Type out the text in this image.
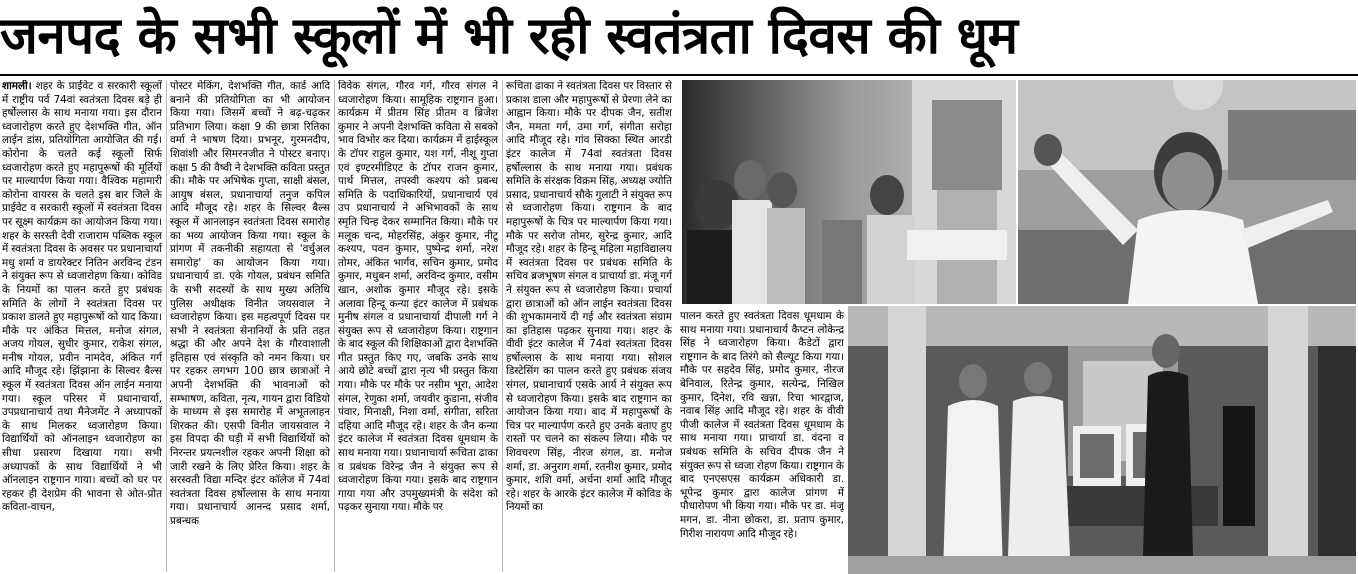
जनपद के सभी स्कूलों में भी रही स्वतंत्रता दिवस की धूम

शामली। शहर के प्राईवेट व सरकारी स्कूलों में राष्ट्रीय पर्व 74वां स्वतंत्रता दिवस बड़े ही हर्षोल्लास के साथ मनाया गया। इस दौरान ध्वजारोहण करते हुए देशभक्ति गीत, ऑन लाईन डांस, प्रतियोगिता आयोजित की गई। कोरोना के चलते कई स्कूलों सिर्फ ध्वजारोहण करते हुए महापुरूषों की मूर्तियों पर माल्यार्पण किया गया। वैश्विक महामारी कोरोना वायरस के चलते इस बार जिले के प्राईवेट व सरकारी स्कूलों में स्वतंत्रता दिवस पर सूक्ष्म कार्यक्रम का आयोजन किया गया। शहर के सरस्ती देवी राजाराम पब्लिक स्कूल में स्वतंत्रता दिवस के अवसर पर प्रधानाचार्या मधु शर्मा व डायरेक्टर नितिन अरविन्द टंडन ने संयुक्त रूप से ध्वजारोहण किया। कोविड के नियमों का पालन करते हुए प्रबंधक समिति के लोगों ने स्वतंत्रता दिवस पर प्रकाश डालते हुए महापुरूषों को याद किया। मौके पर अंकित मित्तल, मनोज संगल, अजय गोयल, सुधीर कुमार, राकेश संगल, मनीष गोयल, प्रवीन नामदेव, अंकित गर्ग आदि मौजूद रहे। झिंझाना के सिल्वर बैल्स स्कूल में स्वतंत्रता दिवस ऑन लाईन मनाया गया। स्कूल परिसर में प्रधानाचार्या, उपप्रधानाचार्य तथा मैनेजमेंट ने अध्यापकों के साथ मिलकर ध्वजारोहण किया। विद्यार्थियों को ऑनलाइन ध्वजारोहण का सीधा प्रसारण दिखाया गया। सभी अध्यापकों के साथ विद्यार्थियों ने भी ऑनलाइन राष्ट्रगान गाया। बच्चों को घर पर रहकर ही देशप्रेम की भावना से ओत-प्रोत कविता-वाचन,

पोस्टर मेकिंग, देशभक्ति गीत, कार्ड आदि बनाने की प्रतियोगिता का भी आयोजन किया गया। जिसमें बच्चों ने बढ़-चढ़कर प्रतिभाग लिया। कक्षा 9 की छात्रा रितिका वर्मा ने भाषण दिया। प्रभनूर, गुरमनदीप, शिवांशी और सिमरनजीत ने पोस्टर बनाए। कक्षा 5 की वैष्वी ने देशभक्ति कविता प्रस्तुत की। मौके पर अभिषेक गुप्ता, साक्षी बंसल, आयुष बंसल, प्रधानाचार्या तनुज कपिल आदि मौजूद रहे। शहर के सिल्वर बैल्स स्कूल में आनलाइन स्वतंत्रता दिवस समारोह का भव्य आयोजन किया गया। स्कूल के प्रांगण में तकनीकी सहायता से 'वर्चुअल समारोह' का आयोजन किया गया। प्रधानाचार्य डा. एके गोयल, प्रबंधन समिति के सभी सदस्यों के साथ मुख्य अतिथि पुलिस अधीक्षक विनीत जयसवाल ने ध्वजारोहण किया। इस महत्वपूर्ण दिवस पर सभी ने स्वतंत्रता सेनानियों के प्रति तहत श्रद्धा की और अपने देश के गौरवाशाली इतिहास एवं संस्कृति को नमन किया। घर पर रहकर लगभग 100 छात्र छात्राओं ने अपनी देशभक्ति की भावनाओं को सम्भाषण, कविता, नृत्य, गायन द्वारा विडियो के माध्यम से इस समारोह में अभूतलाहन शिरकत की। एसपी विनीत जायसवाल ने इस विपदा की घड़ी में सभी विद्यार्थियों को निरन्तर प्रयत्नशील रहकर अपनी शिक्षा को जारी रखने के लिए प्रेरित किया। शहर के सरस्वती विद्या मन्दिर इंटर कॉलेज में 74वां स्वतंत्रता दिवस हर्षोल्लास के साथ मनाया गया। प्रधानाचार्य आनन्द प्रसाद शर्मा, प्रबन्धक

विवेक संगल, गौरव गर्ग, गौरव संगल ने ध्वजारोहण किया। सामूहिक राष्ट्रगान हुआ। कार्यक्रम में प्रीतम सिंह प्रीतम व ब्रिजेश कुमार ने अपनी देशभक्ति कविता से सबको भाव विभोर कर दिया। कार्यक्रम में हाईस्कूल के टॉपर राहुल कुमार, यश गर्ग, नीशू गुप्ता एवं इण्टरमीडिएट के टॉपर राजन कुमार, पार्थ मित्तल, तपस्वी कश्यप को प्रबन्ध समिति के पदाधिकारियों, प्रधानाचार्य एवं उप प्रधानाचार्य ने अभिभावकों के साथ स्मृति चिन्ह देकर सम्मानित किया। मौके पर मलूक चन्द, मोहरसिंह, अंकुर कुमार, नीटू कश्यप, पवन कुमार, पुष्पेन्द्र शर्मा, नरेश तोमर, अंकित भार्गव, सचिन कुमार, प्रमोद कुमार, मधुबन शर्मा, अरविन्द कुमार, वसीम खान, अशोक कुमार मौजूद रहे। इसके अलावा हिन्दू कन्या इंटर कालेज में प्रबंधक मुनीष संगल व प्रधानाचार्या दीपाली गर्ग ने संयुक्त रूप से ध्वजारोहण किया। राष्ट्रगान के बाद स्कूल की शिक्षिकाओं द्वारा देशभक्ति गीत प्रस्तुत किए गए, जबकि उनके साथ आये छोटे बच्चों द्वारा नृत्य भी प्रस्तुत किया गया। मौके पर मौके पर नसीम भूरा, आदेश संगल, रेणुका शर्मा, जयवीर कुडाना, संजीव पंवार, मिनाक्षी, निशा वर्मा, संगीता, सरिता दहिया आदि मौजूद रहे। शहर के जैन कन्या इंटर कालेज में स्वतंत्रता दिवस धूमधाम के साथ मनाया गया। प्रधानाचार्या रूचिता ढाका व प्रबंधक विरेन्द्र जैन ने संयुक्त रूप से ध्वजारोहण किया गया। इसके बाद राष्ट्रगान गाया गया और उपमुख्यमंत्री के संदेश को पढ़कर सुनाया गया। मौके पर

रूचिता ढाका ने स्वतंत्रता दिवस पर विस्तार से प्रकाश डाला और महापुरूषों से प्रेरणा लेने का आह्वान किया। मौके पर दीपक जैन, सतीश जैन, ममता गर्ग, उमा गर्ग, संगीता सरोहा आदि मौजूद रहे। गांव सिक्का स्थित आरडी इंटर कालेज में 74वां स्वतंत्रता दिवस हर्षोल्लास के साथ मनाया गया। प्रबंधक समिति के संरक्षक विक्रम सिंह, अध्यक्ष ज्योति प्रसाद, प्रधानाचार्य सौके गुलाटी ने संयुक्त रूप से ध्वजारोहण किया। राष्ट्रगान के बाद महापुरूषों के चित्र पर माल्यार्पण किया गया। मौके पर सरोज तोमर, सुरेन्द्र कुमार, आदि मौजूद रहे। शहर के हिन्दू महिला महाविद्यालय में स्वतंत्रता दिवस पर प्रबंधक समिति के सचिव ब्रजभूषण संगल व प्राचार्या डा. मंजू गर्ग ने संयुक्त रूप से ध्वजारोहण किया। प्रचार्या द्वारा छात्राओं को ऑन लाईन स्वतंत्रता दिवस की शुभकामनायें दी गई और स्वतंत्रता संग्राम का इतिहास पढ़कर सुनाया गया। शहर के वीवी इंटर कालेज में 74वां स्वतंत्रता दिवस हर्षोल्लास के साथ मनाया गया। सोशल डिस्टेसिंग का पालन करते हुए प्रबंधक संजय संगल, प्रधानाचार्य एसके आर्य ने संयुक्त रूप से ध्वजारोहण किया। इसके बाद राष्ट्रगान का आयोजन किया गया। बाद में महापुरूषों के चित्र पर माल्यार्पण करते हुए उनके बताए हुए रास्तों पर चलने का संकल्प लिया। मौके पर शिवचरण सिंह, नीरज संगल, डा. मनोज शर्मा, डा. अनुराग शर्मा, रतनीश कुमार, प्रमोद कुमार, शशि वर्मा, अर्चना शर्मा आदि मौजूद रहे। शहर के आरके इंटर कालेज में कोविड के नियमों का

पालन करते हुए स्वतंत्रता दिवस धूमधाम के साथ मनाया गया। प्रधानाचार्य कैप्टन लोकेन्द्र सिंह ने ध्वजारोहण किया। कैडेटों द्वारा राष्ट्रगान के बाद तिरंगे को सैल्यूट किया गया। मौके पर सहदेव सिंह, प्रमोद कुमार, नीरज बेनिवाल, रितेन्द्र कुमार, सत्येन्द्र, निखिल कुमार, दिनेश, रवि खन्ना, रिचा भारद्वाज, नवाब सिंह आदि मौजूद रहे। शहर के वीवी पीजी कालेज में स्वतंत्रता दिवस धूमधाम के साथ मनाया गया। प्राचार्या डा. वंदना व प्रबंधक समिति के सचिव दीपक जैन ने संयुक्त रूप से ध्वजा रोहण किया। राष्ट्रगान के बाद एनएसएस कार्यक्रम अधिकारी डा. भूपेन्द्र कुमार द्वारा कालेज प्रांगण में पौधारोपण भी किया गया। मौके पर डा. मंजू मगन, डा. नीना छोकरा, डा. प्रताप कुमार, गिरीश नारायण आदि मौजूद रहे।
